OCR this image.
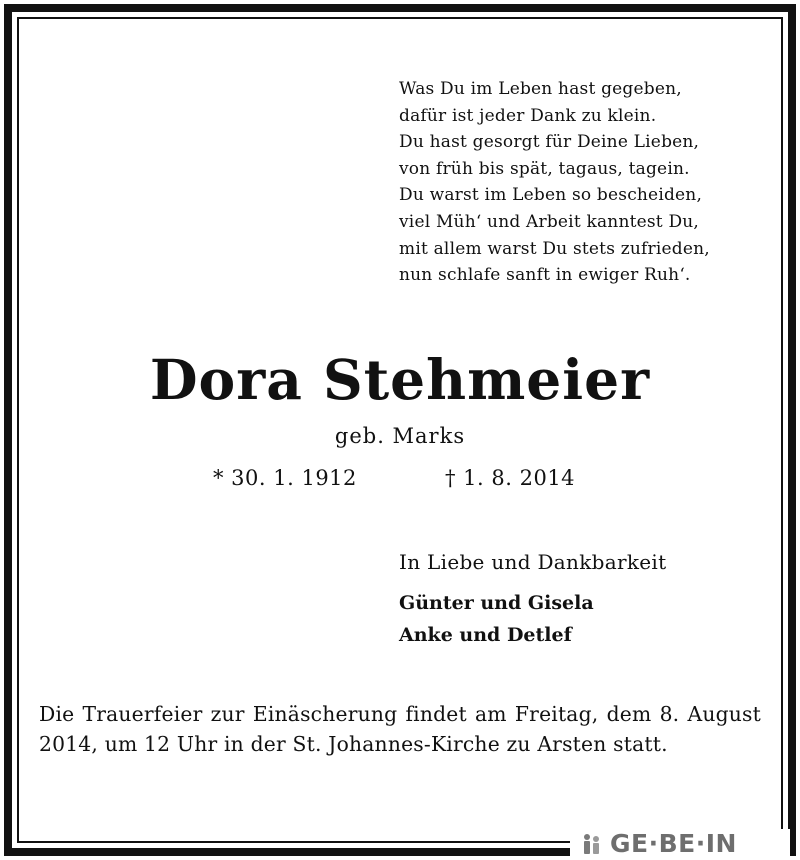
Was Du im Leben hast gegeben,
dafür ist jeder Dank zu klein.
Du hast gesorgt für Deine Lieben,
von früh bis spät, tagaus, tagein.
Du warst im Leben so bescheiden,
viel Müh‘ und Arbeit kanntest Du,
mit allem warst Du stets zufrieden,
nun schlafe sanft in ewiger Ruh‘.
Dora Stehmeier
geb. Marks
* 30. 1. 1912	† 1. 8. 2014
In Liebe und Dankbarkeit
Günter und Gisela
Anke und Detlef

Die Trauerfeier zur Einäscherung findet am Freitag, dem 8. August 2014, um 12 Uhr in der St. Johannes-Kirche zu Arsten statt.

GE·BE·IN
